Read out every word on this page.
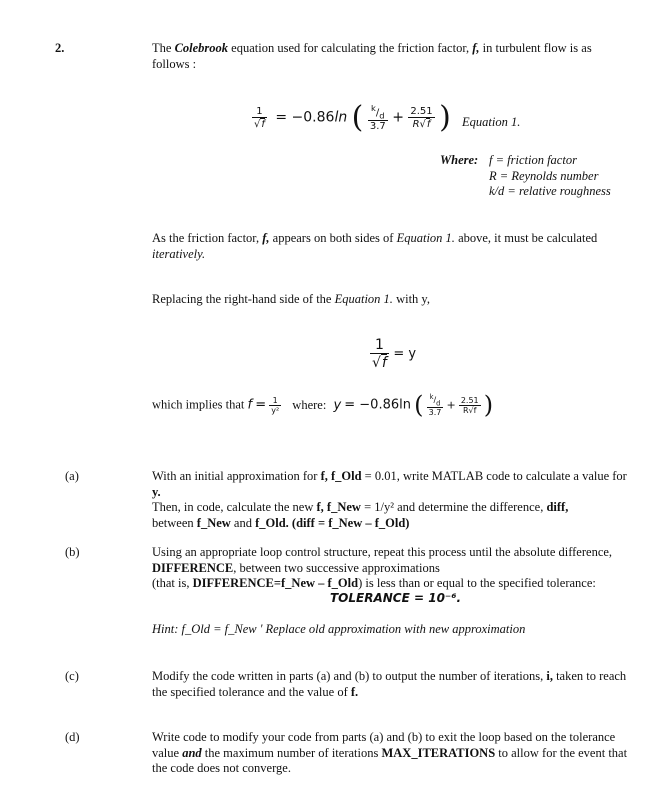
2.	The Colebrook equation used for calculating the friction factor, f, in turbulent flow is as follows :
$\frac{1}{√f} = -0.86\ln$ ( $\frac{^k/_d}{3.7} + \frac{2.51}{R√f}$ ) Equation 1.
Where: f = friction factor
R = Reynolds number
k/d = relative roughness
As the friction factor, f, appears on both sides of Equation 1. above, it must be calculated iteratively.
Replacing the right-hand side of the Equation 1. with y,
$\frac{1}{√f} = y$
which implies that $f = \frac{1}{\text{y²}}$ where: y = −0.86ln ( $\frac{^k/_d}{3.7} + \frac{2.51}{R√f}$ )
(a)	With an initial approximation for f, f_Old = 0.01, write MATLAB code to calculate a value for y.
Then, in code, calculate the new f, f_New = 1/y² and determine the difference, diff,
between f_New and f_Old. (diff = f_New – f_Old)
(b)	Using an appropriate loop control structure, repeat this process until the absolute difference, DIFFERENCE, between two successive approximations
(that is, DIFFERENCE=f_New – f_Old) is less than or equal to the specified tolerance:
TOLERANCE = 10⁻⁶.
Hint: f_Old = f_New ' Replace old approximation with new approximation
(c)	Modify the code written in parts (a) and (b) to output the number of iterations, i, taken to reach the specified tolerance and the value of f.
(d)	Write code to modify your code from parts (a) and (b) to exit the loop based on the tolerance value and the maximum number of iterations MAX_ITERATIONS to allow for the event that the code does not converge.
